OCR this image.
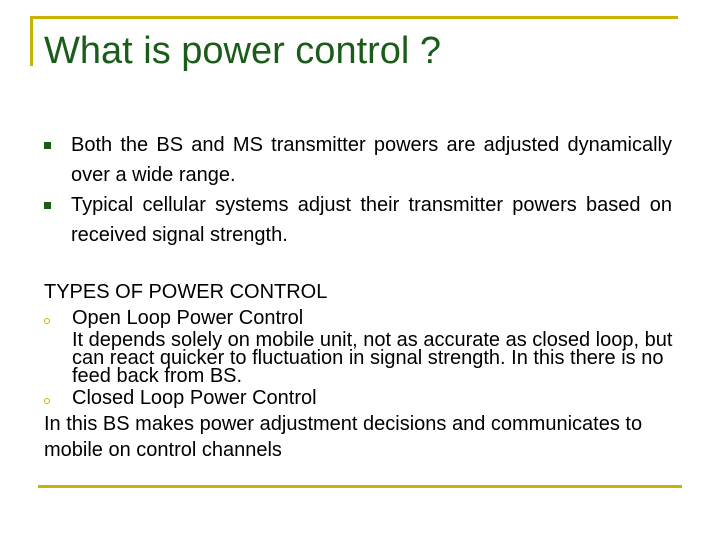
What is power control ?
Both the BS and MS transmitter powers are adjusted dynamically over a wide range.
Typical cellular systems adjust their transmitter powers based on received signal strength.
TYPES OF POWER CONTROL
Open Loop Power Control
It depends solely on mobile unit, not as accurate as closed loop, but can react quicker to fluctuation in signal strength. In this there is no feed back from BS.
Closed Loop Power Control
In this BS makes power adjustment decisions and communicates to mobile on control channels
